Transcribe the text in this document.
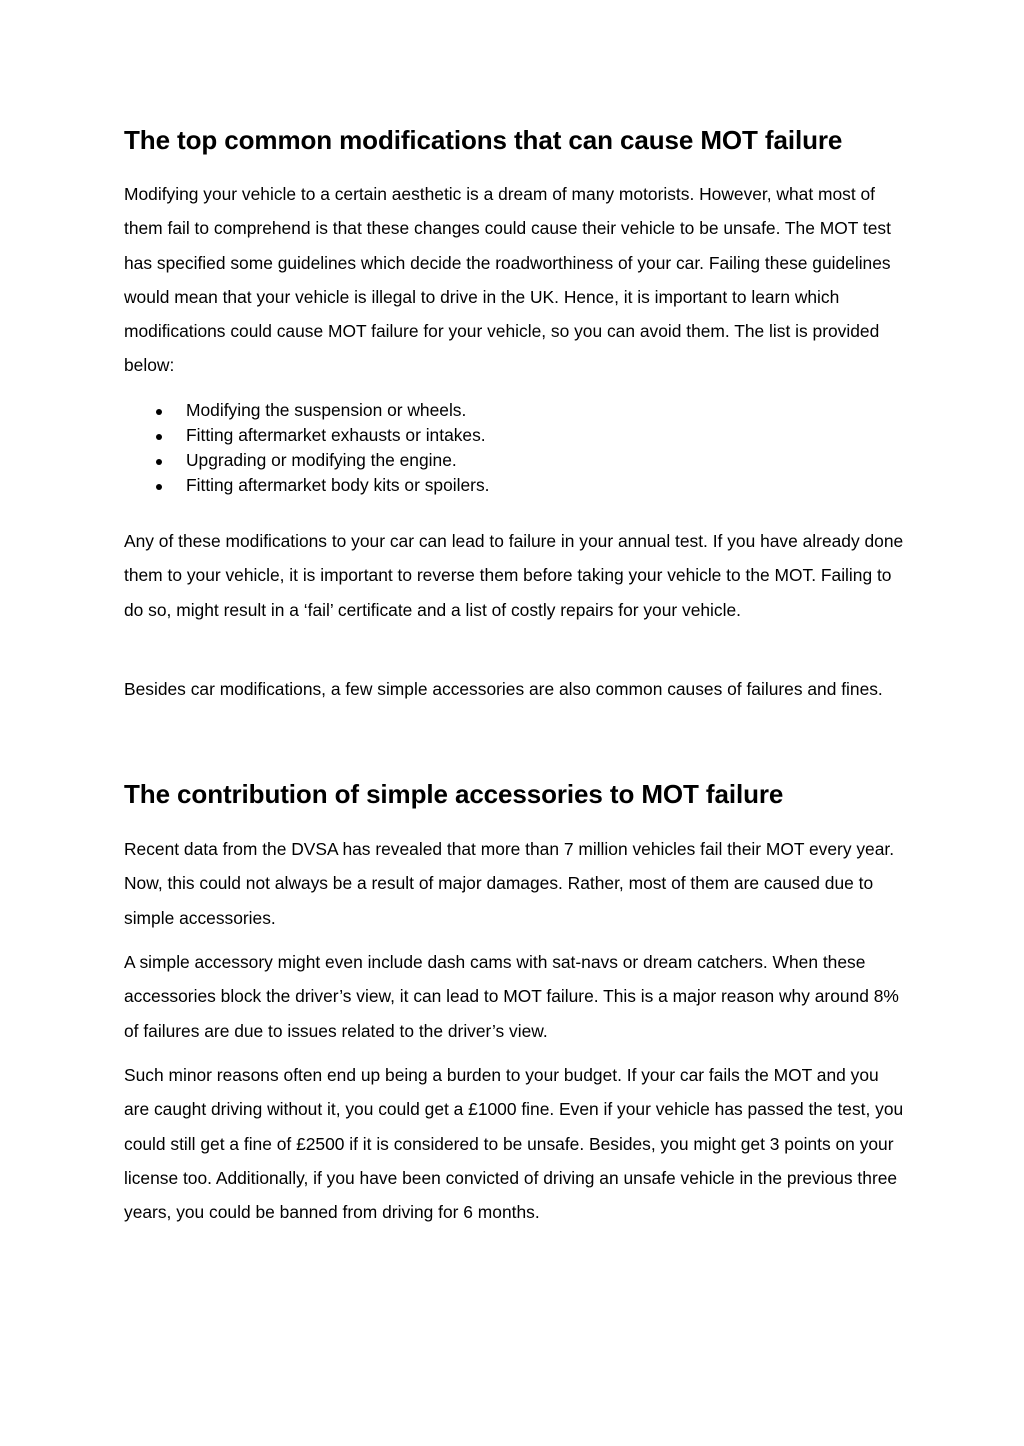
The top common modifications that can cause MOT failure

Modifying your vehicle to a certain aesthetic is a dream of many motorists. However, what most of them fail to comprehend is that these changes could cause their vehicle to be unsafe. The MOT test has specified some guidelines which decide the roadworthiness of your car. Failing these guidelines would mean that your vehicle is illegal to drive in the UK. Hence, it is important to learn which modifications could cause MOT failure for your vehicle, so you can avoid them. The list is provided below:

Modifying the suspension or wheels.
Fitting aftermarket exhausts or intakes.
Upgrading or modifying the engine.
Fitting aftermarket body kits or spoilers.

Any of these modifications to your car can lead to failure in your annual test. If you have already done them to your vehicle, it is important to reverse them before taking your vehicle to the MOT. Failing to do so, might result in a ‘fail’ certificate and a list of costly repairs for your vehicle.

Besides car modifications, a few simple accessories are also common causes of failures and fines.

The contribution of simple accessories to MOT failure

Recent data from the DVSA has revealed that more than 7 million vehicles fail their MOT every year. Now, this could not always be a result of major damages. Rather, most of them are caused due to simple accessories.

A simple accessory might even include dash cams with sat-navs or dream catchers. When these accessories block the driver’s view, it can lead to MOT failure. This is a major reason why around 8% of failures are due to issues related to the driver’s view.

Such minor reasons often end up being a burden to your budget. If your car fails the MOT and you are caught driving without it, you could get a £1000 fine. Even if your vehicle has passed the test, you could still get a fine of £2500 if it is considered to be unsafe. Besides, you might get 3 points on your license too. Additionally, if you have been convicted of driving an unsafe vehicle in the previous three years, you could be banned from driving for 6 months.
